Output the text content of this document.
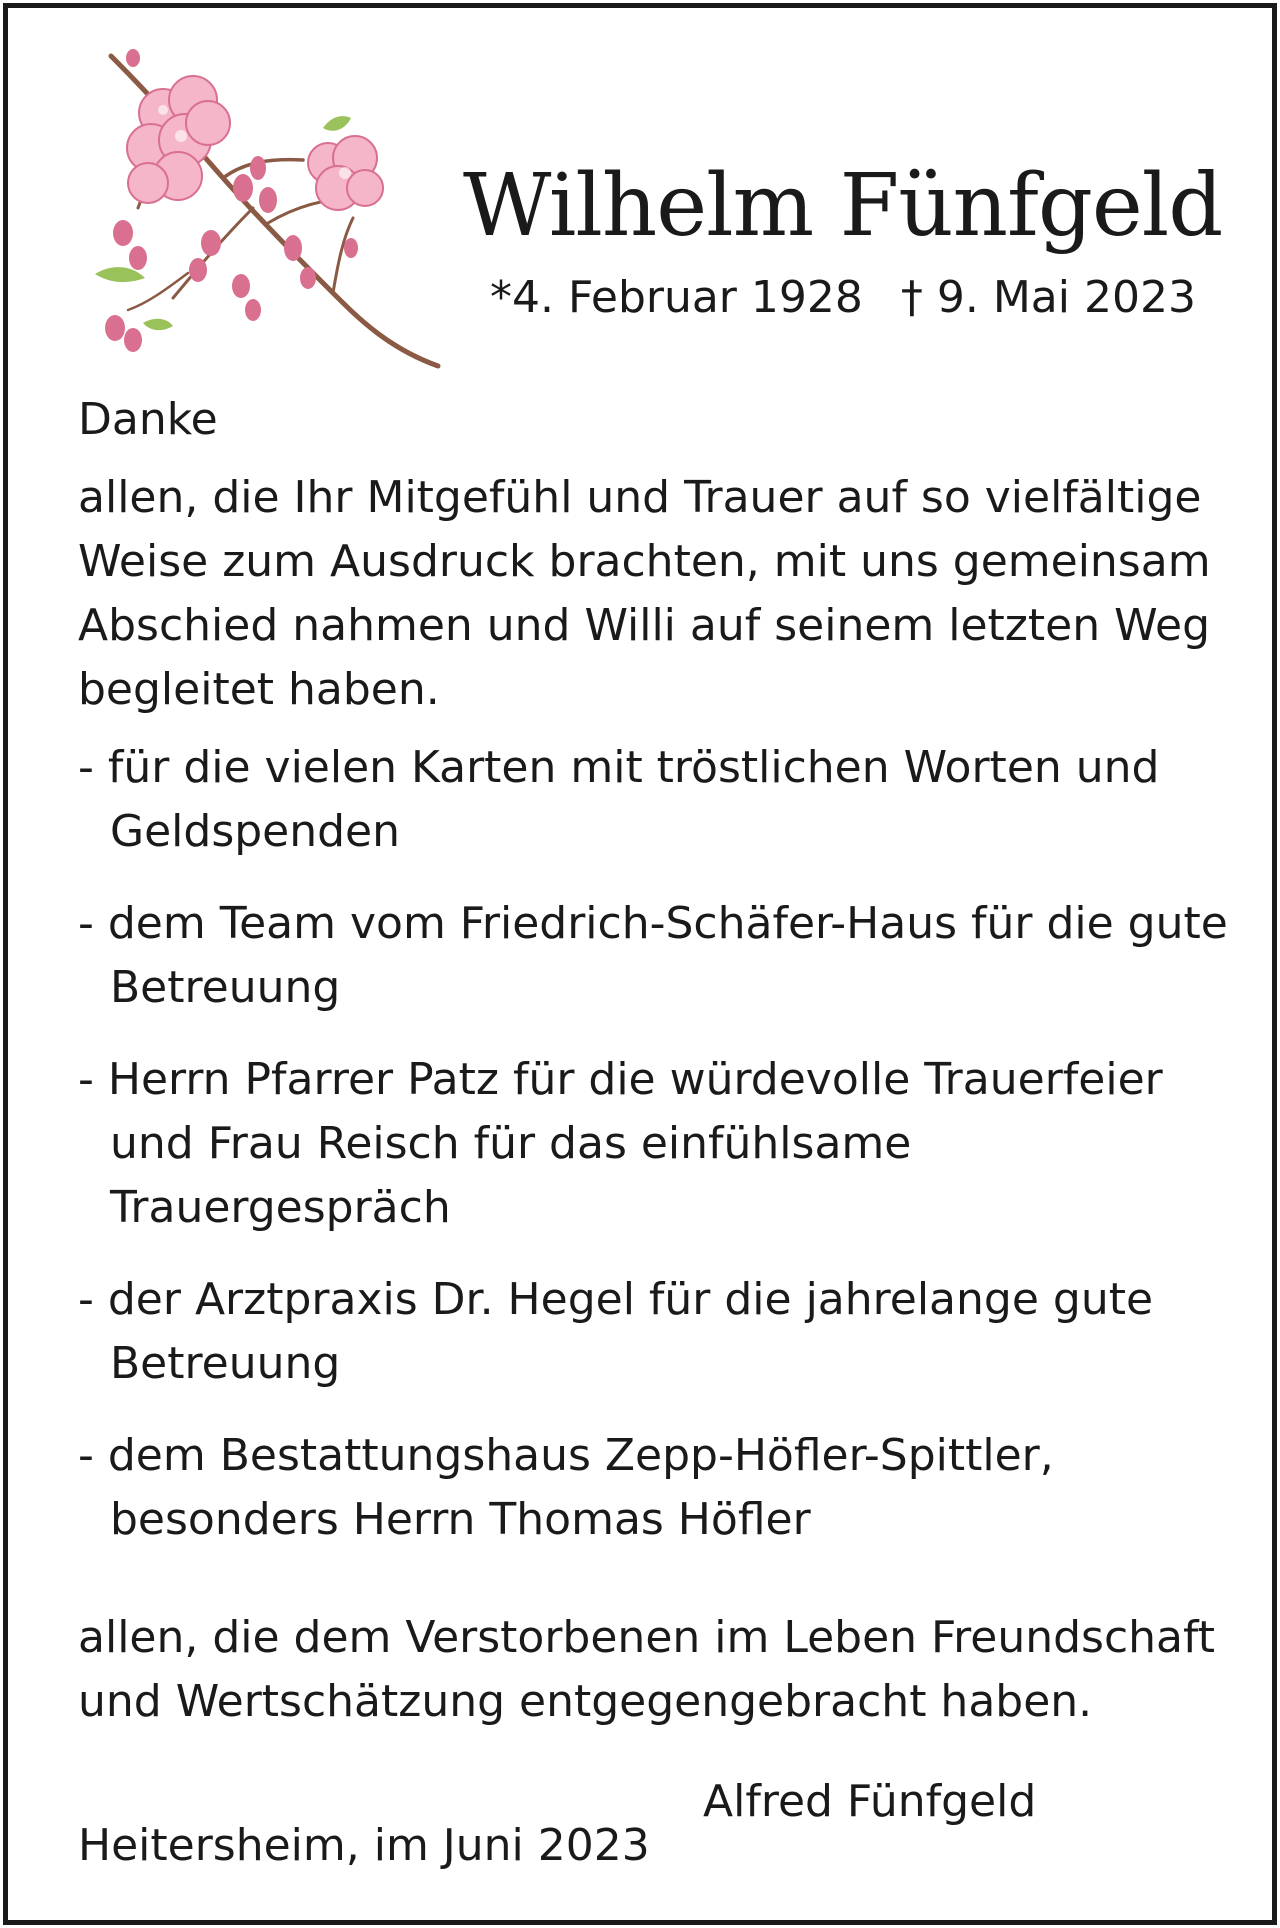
Wilhelm Fünfgeld
*4. Februar 1928 † 9. Mai 2023
Danke
allen, die Ihr Mitgefühl und Trauer auf so vielfältige Weise zum Ausdruck brachten, mit uns gemeinsam Abschied nahmen und Willi auf seinem letzten Weg begleitet haben.
- für die vielen Karten mit tröstlichen Worten und Geldspenden
- dem Team vom Friedrich-Schäfer-Haus für die gute Betreuung
- Herrn Pfarrer Patz für die würdevolle Trauerfeier und Frau Reisch für das einfühlsame Trauergespräch
- der Arztpraxis Dr. Hegel für die jahrelange gute Betreuung
- dem Bestattungshaus Zepp-Höfler-Spittler, besonders Herrn Thomas Höfler
allen, die dem Verstorbenen im Leben Freundschaft und Wertschätzung entgegengebracht haben.
Alfred Fünfgeld
Heitersheim, im Juni 2023
